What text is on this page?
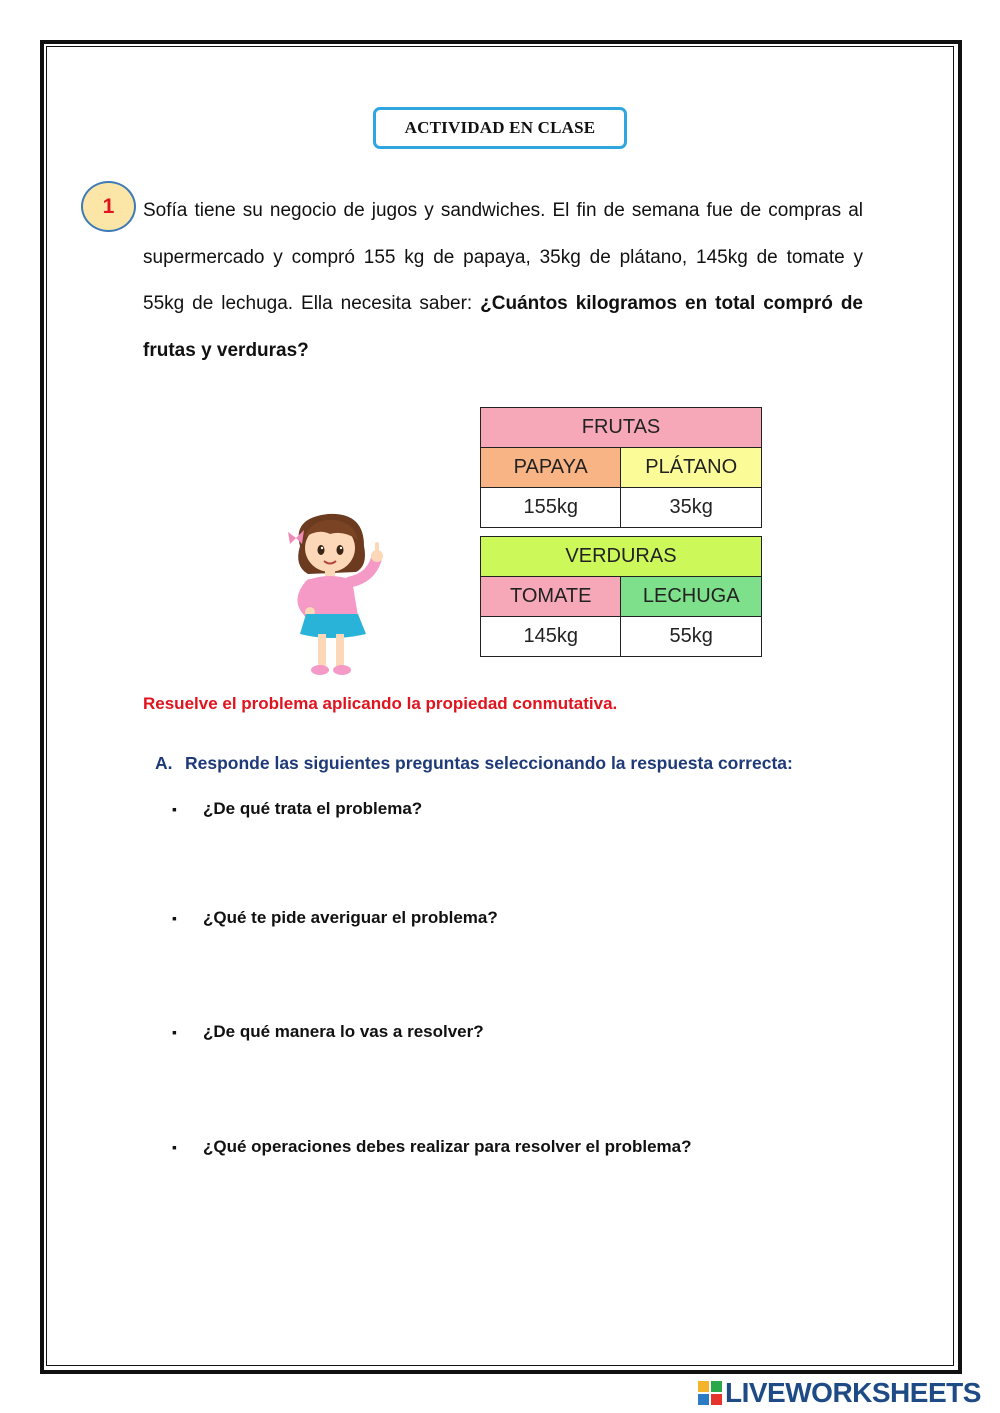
ACTIVIDAD EN CLASE
1	Sofía tiene su negocio de jugos y sandwiches. El fin de semana fue de compras al supermercado y compró 155 kg de papaya, 35kg de plátano, 145kg de tomate y 55kg de lechuga. Ella necesita saber: ¿Cuántos kilogramos en total compró de frutas y verduras?
FRUTAS	
PAPAYA	PLÁTANO
155kg	35kg
VERDURAS	
TOMATE	LECHUGA
145kg	55kg
Resuelve el problema aplicando la propiedad conmutativa.
A. Responde las siguientes preguntas seleccionando la respuesta correcta:
▪ ¿De qué trata el problema?
▪ ¿Qué te pide averiguar el problema?
▪ ¿De qué manera lo vas a resolver?
▪ ¿Qué operaciones debes realizar para resolver el problema?
LIVEWORKSHEETS
